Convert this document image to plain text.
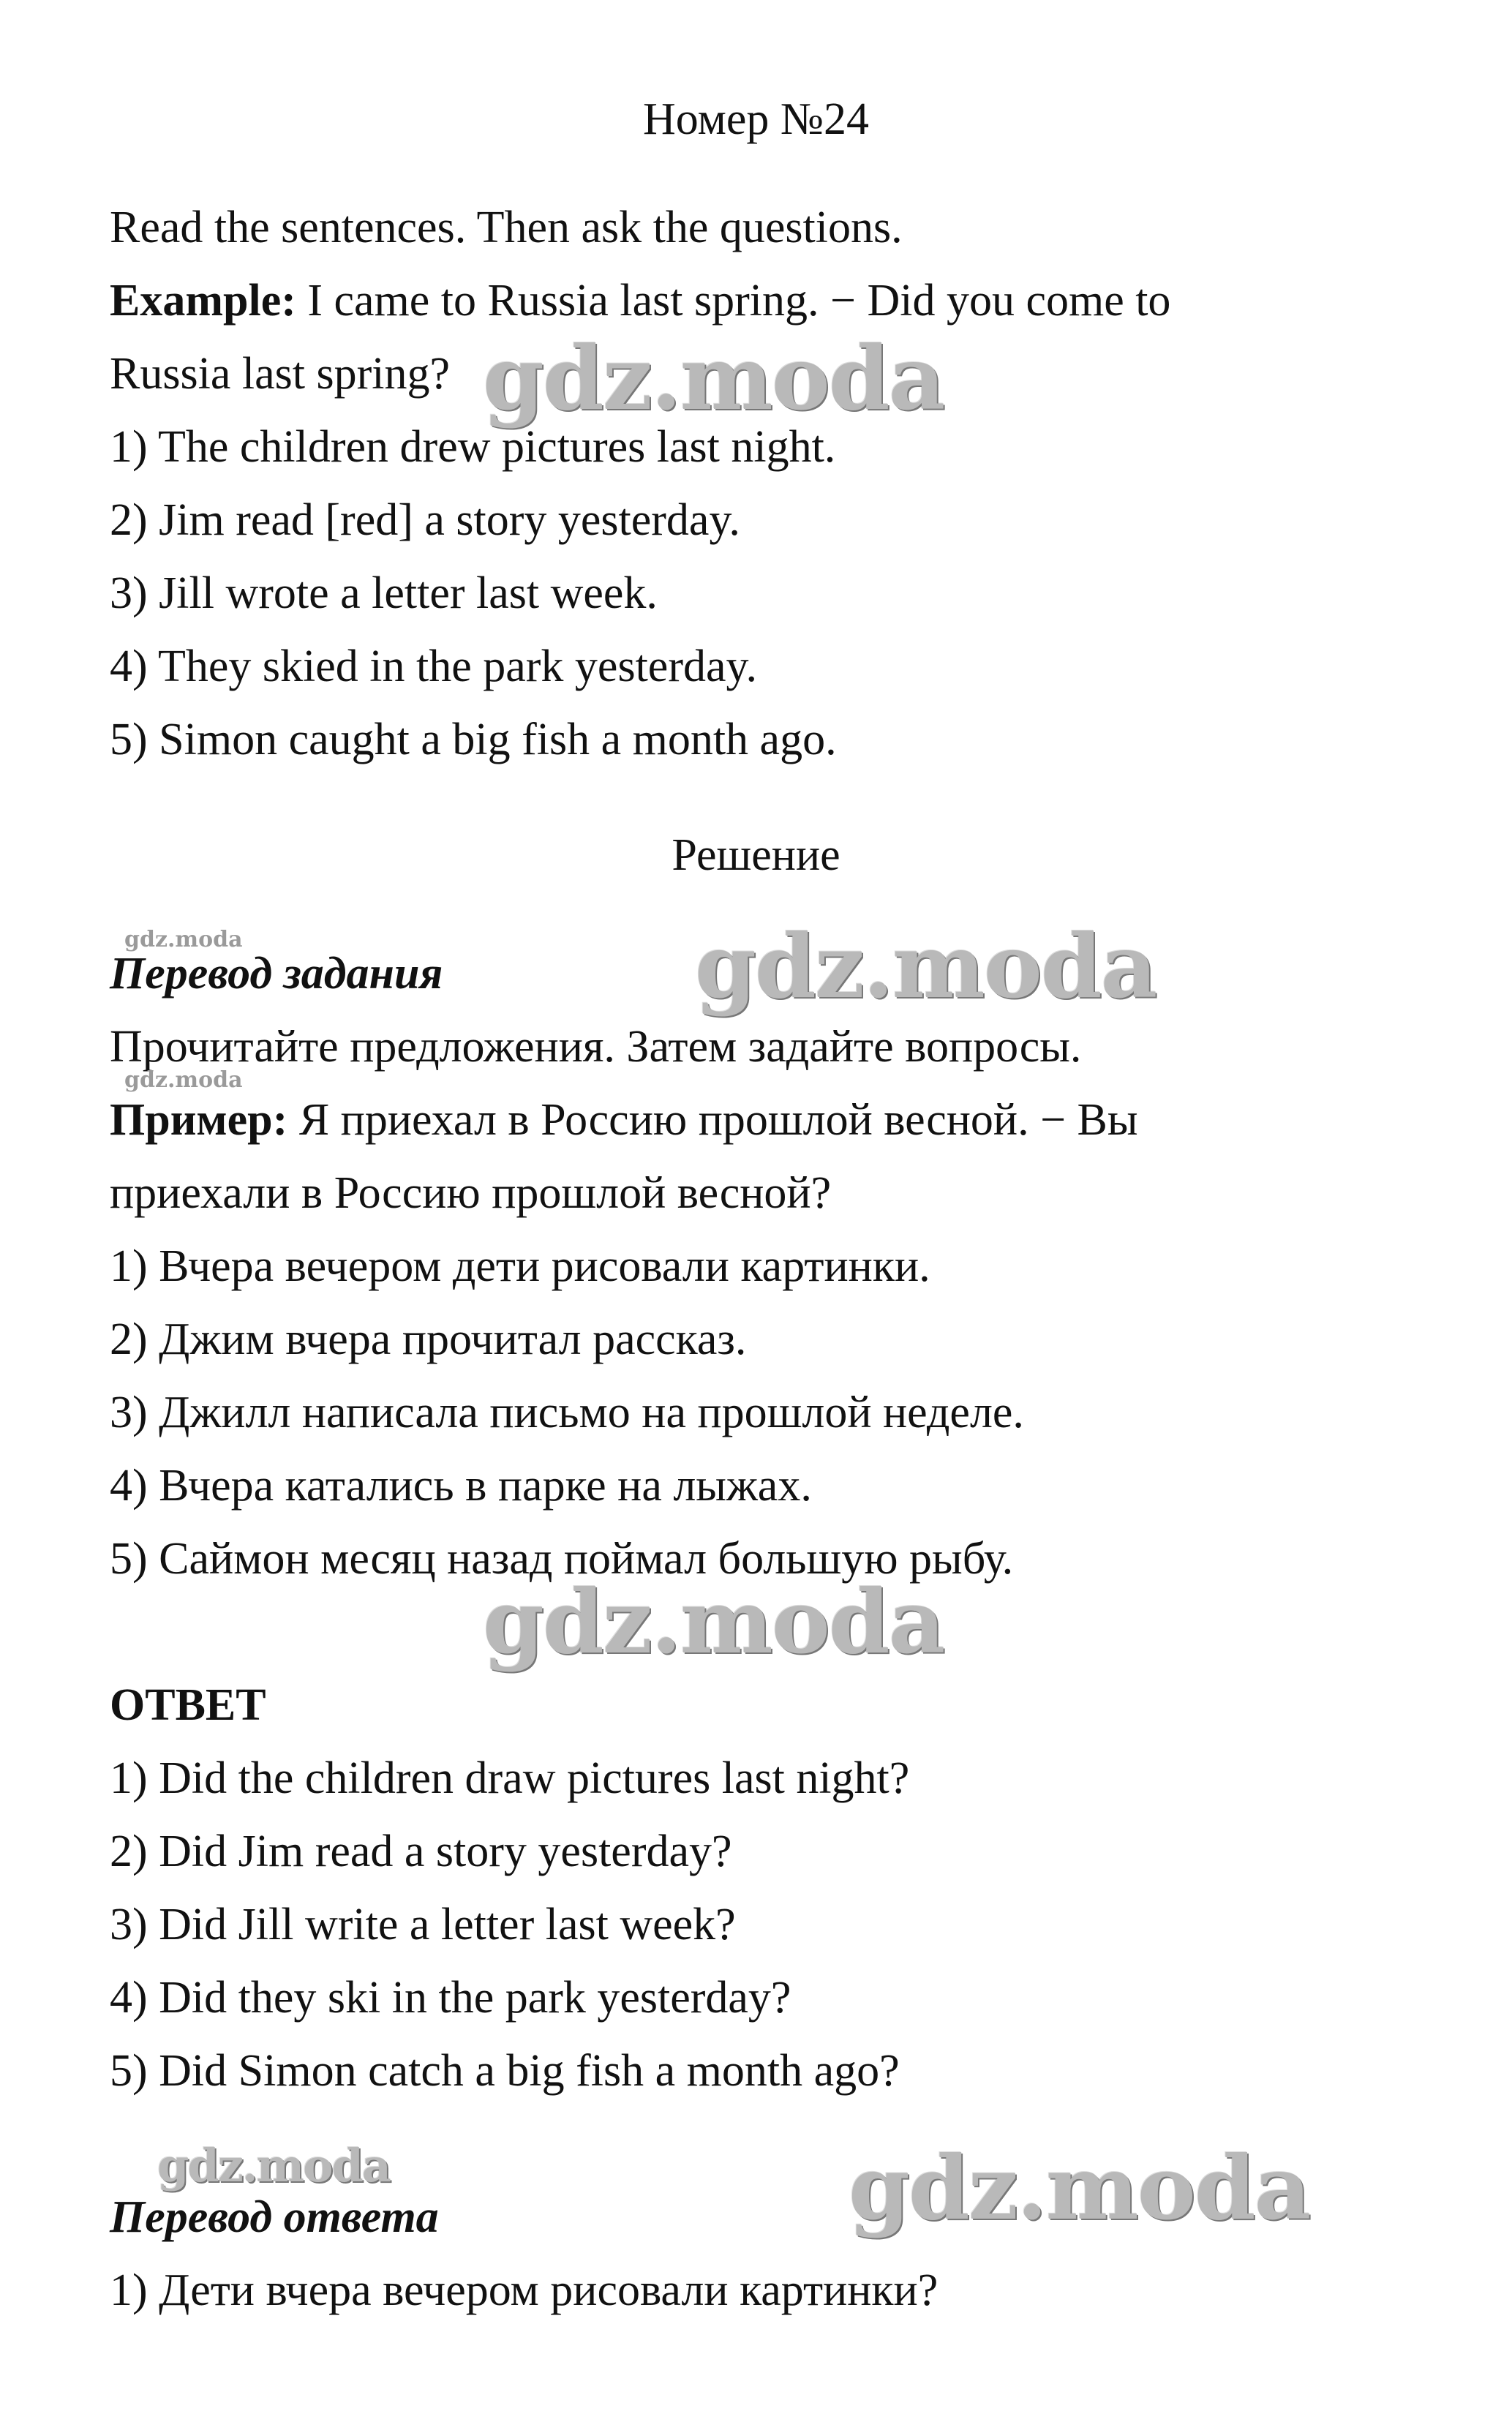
Номер №24
Read the sentences. Then ask the questions.
Example: I came to Russia last spring. − Did you come to
Russia last spring?
1) The children drew pictures last night.
2) Jim read [red] a story yesterday.
3) Jill wrote a letter last week.
4) They skied in the park yesterday.
5) Simon caught a big fish a month ago.
Решение
Перевод задания
Прочитайте предложения. Затем задайте вопросы.
Пример: Я приехал в Россию прошлой весной. − Вы
приехали в Россию прошлой весной?
1) Вчера вечером дети рисовали картинки.
2) Джим вчера прочитал рассказ.
3) Джилл написала письмо на прошлой неделе.
4) Вчера катались в парке на лыжах.
5) Саймон месяц назад поймал большую рыбу.
ОТВЕТ
1) Did the children draw pictures last night?
2) Did Jim read a story yesterday?
3) Did Jill write a letter last week?
4) Did they ski in the park yesterday?
5) Did Simon catch a big fish a month ago?
Перевод ответа
1) Дети вчера вечером рисовали картинки?
gdz.moda
gdz.moda	gdz.moda
gdz.moda
gdz.moda
gdz.moda	gdz.moda
